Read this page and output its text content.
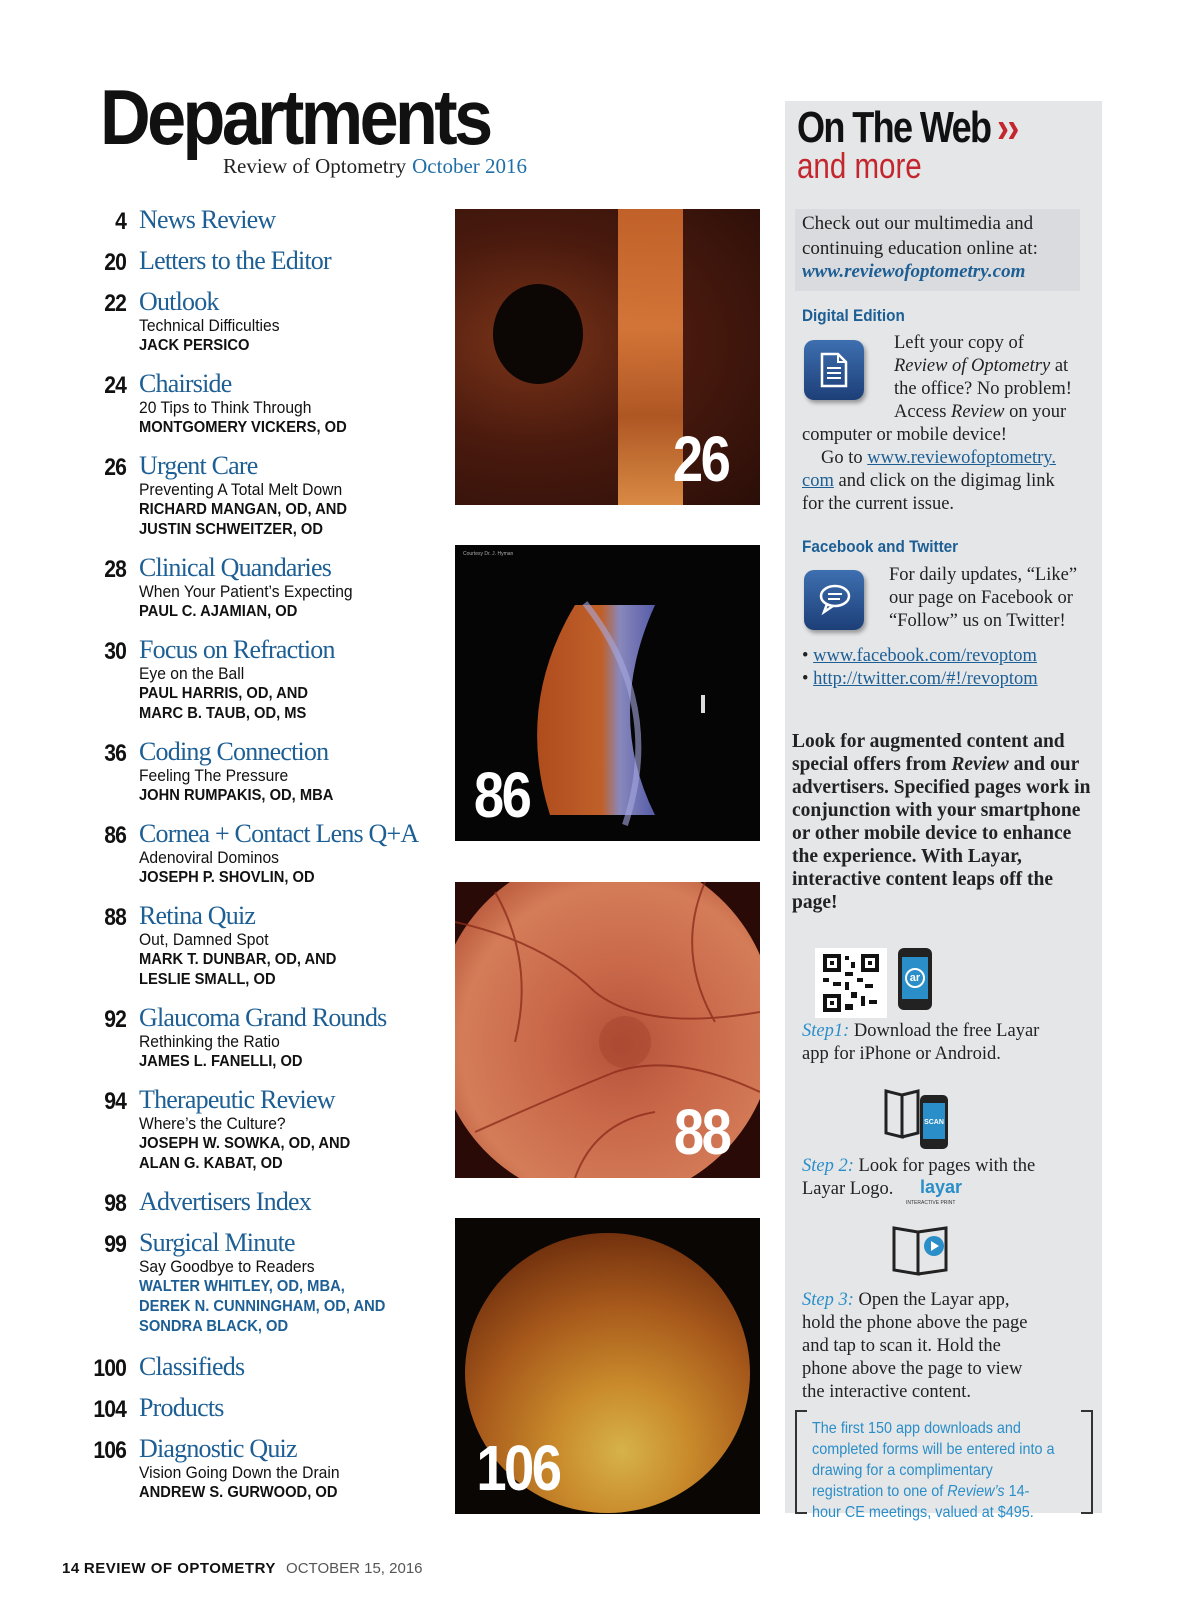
Departments
Review of Optometry October 2016
4 News Review
20 Letters to the Editor
22 Outlook
Technical Difficulties
JACK PERSICO
24 Chairside
20 Tips to Think Through
MONTGOMERY VICKERS, OD
26 Urgent Care
Preventing A Total Melt Down
RICHARD MANGAN, OD, AND
JUSTIN SCHWEITZER, OD
28 Clinical Quandaries
When Your Patient’s Expecting
PAUL C. AJAMIAN, OD
30 Focus on Refraction
Eye on the Ball
PAUL HARRIS, OD, AND
MARC B. TAUB, OD, MS
36 Coding Connection
Feeling The Pressure
JOHN RUMPAKIS, OD, MBA
86 Cornea + Contact Lens Q+A
Adenoviral Dominos
JOSEPH P. SHOVLIN, OD
88 Retina Quiz
Out, Damned Spot
MARK T. DUNBAR, OD, AND
LESLIE SMALL, OD
92 Glaucoma Grand Rounds
Rethinking the Ratio
JAMES L. FANELLI, OD
94 Therapeutic Review
Where’s the Culture?
JOSEPH W. SOWKA, OD, AND
ALAN G. KABAT, OD
98 Advertisers Index
99 Surgical Minute
Say Goodbye to Readers
WALTER WHITLEY, OD, MBA,
DEREK N. CUNNINGHAM, OD, AND
SONDRA BLACK, OD
100 Classifieds
104 Products
106 Diagnostic Quiz
Vision Going Down the Drain
ANDREW S. GURWOOD, OD
26
Courtesy Dr. J. Hyman
86
88
106
On The Web ››
and more
Check out our multimedia and continuing education online at:
www.reviewofoptometry.com
Digital Edition
Left your copy of
Review of Optometry at
the office? No problem!
Access Review on your
computer or mobile device!
Go to www.reviewofoptometry.
com and click on the digimag link
for the current issue.
Facebook and Twitter
For daily updates, “Like”
our page on Facebook or
“Follow” us on Twitter!
• www.facebook.com/revoptom
• http://twitter.com/#!/revoptom
Look for augmented content and special offers from Review and our advertisers. Specified pages work in conjunction with your smartphone or other mobile device to enhance the experience. With Layar, interactive content leaps off the page!
ar
Step1: Download the free Layar
app for iPhone or Android.
SCAN
Step 2: Look for pages with the
Layar Logo.	layar
INTERACTIVE PRINT
Step 3: Open the Layar app,
hold the phone above the page
and tap to scan it. Hold the
phone above the page to view
the interactive content.
The first 150 app downloads and completed forms will be entered into a drawing for a complimentary registration to one of Review’s 14-hour CE meetings, valued at $495.
14 REVIEW OF OPTOMETRY OCTOBER 15, 2016
